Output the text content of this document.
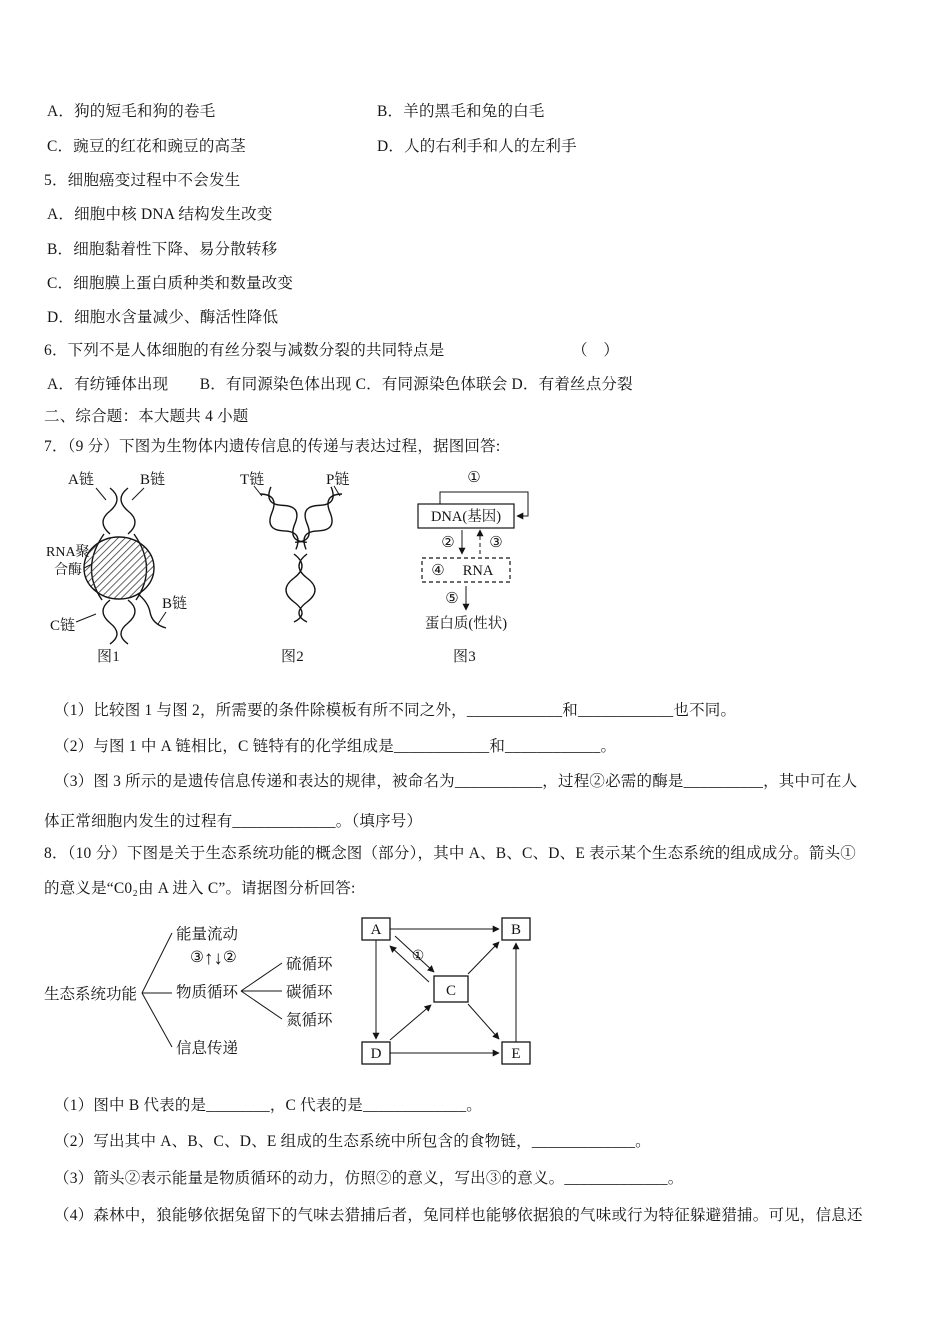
A．狗的短毛和狗的卷毛	B．羊的黑毛和兔的白毛
C．豌豆的红花和豌豆的高茎	D．人的右利手和人的左利手
5．细胞癌变过程中不会发生
A．细胞中核 DNA 结构发生改变
B．细胞黏着性下降、易分散转移
C．细胞膜上蛋白质种类和数量改变
D．细胞水含量减少、酶活性降低
6．下列不是人体细胞的有丝分裂与减数分裂的共同特点是	（　）
A．有纺锤体出现　　B．有同源染色体出现 C．有同源染色体联会 D．有着丝点分裂
二、综合题：本大题共 4 小题
7．（9 分）下图为生物体内遗传信息的传递与表达过程，据图回答:
A链	B链
RNA聚
合酶
C链
B链
图1
T链	P链
图2
①
DNA(基因)
② ③
④ RNA
⑤
蛋白质(性状)
图3
（1）比较图 1 与图 2，所需要的条件除模板有所不同之外，____________和____________也不同。
（2）与图 1 中 A 链相比，C 链特有的化学组成是____________和____________。
（3）图 3 所示的是遗传信息传递和表达的规律，被命名为___________，过程②必需的酶是__________，其中可在人
体正常细胞内发生的过程有_____________。（填序号）
8．（10 分）下图是关于生态系统功能的概念图（部分），其中 A、B、C、D、E 表示某个生态系统的组成成分。箭头①
的意义是“C0₂由 A 进入 C”。请据图分析回答:
生态系统功能
能量流动
③↑↓②
物质循环
硫循环
碳循环
氮循环
信息传递
A	B
C
D	E
①
（1）图中 B 代表的是________，C 代表的是_____________。
（2）写出其中 A、B、C、D、E 组成的生态系统中所包含的食物链，_____________。
（3）箭头②表示能量是物质循环的动力，仿照②的意义，写出③的意义。_____________。
（4）森林中，狼能够依据兔留下的气味去猎捕后者，兔同样也能够依据狼的气味或行为特征躲避猎捕。可见，信息还
